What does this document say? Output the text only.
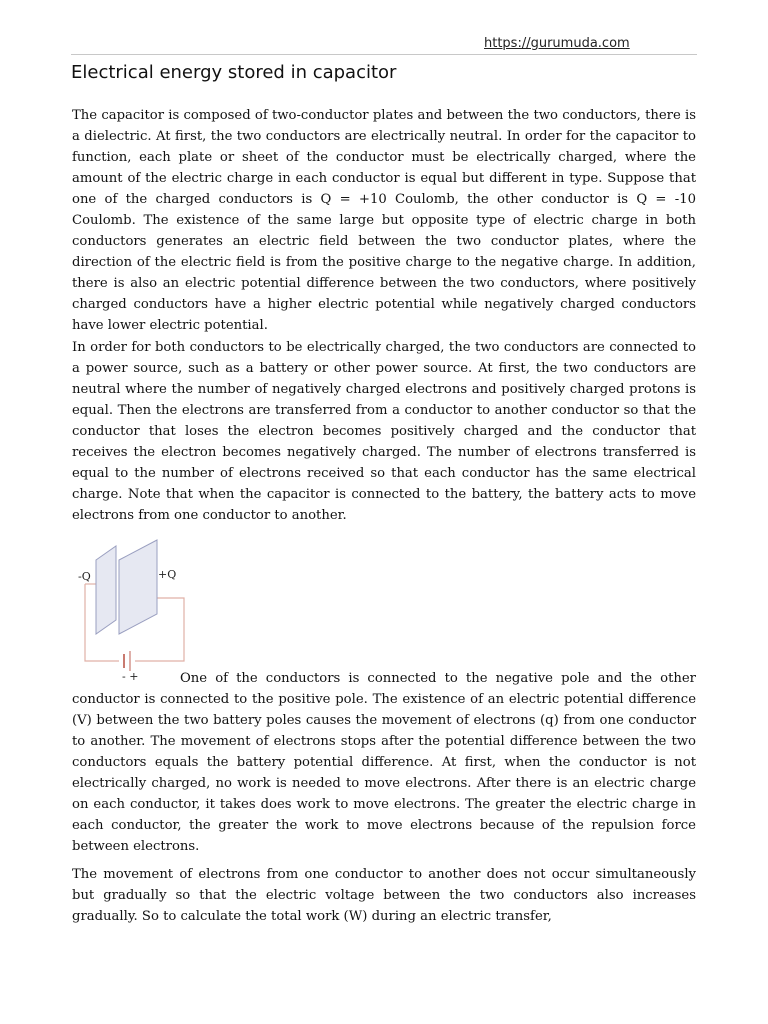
https://gurumuda.com
Electrical energy stored in capacitor

The capacitor is composed of two-conductor plates and between the two conductors, there is a dielectric. At first, the two conductors are electrically neutral. In order for the capacitor to function, each plate or sheet of the conductor must be electrically charged, where the amount of the electric charge in each conductor is equal but different in type. Suppose that one of the charged conductors is Q = +10 Coulomb, the other conductor is Q = -10 Coulomb. The existence of the same large but opposite type of electric charge in both conductors generates an electric field between the two conductor plates, where the direction of the electric field is from the positive charge to the negative charge. In addition, there is also an electric potential difference between the two conductors, where positively charged conductors have a higher electric potential while negatively charged conductors have lower electric potential.

In order for both conductors to be electrically charged, the two conductors are connected to a power source, such as a battery or other power source. At first, the two conductors are neutral where the number of negatively charged electrons and positively charged protons is equal. Then the electrons are transferred from a conductor to another conductor so that the conductor that loses the electron becomes positively charged and the conductor that receives the electron becomes negatively charged. The number of electrons transferred is equal to the number of electrons received so that each conductor has the same electrical charge. Note that when the capacitor is connected to the battery, the battery acts to move electrons from one conductor to another.

-Q	+Q
- +	One of the conductors is connected to the negative pole and the other conductor is connected to the positive pole. The existence of an electric potential difference (V) between the two battery poles causes the movement of electrons (q) from one conductor to another. The movement of electrons stops after the potential difference between the two conductors equals the battery potential difference. At first, when the conductor is not electrically charged, no work is needed to move electrons. After there is an electric charge on each conductor, it takes does work to move electrons. The greater the electric charge in each conductor, the greater the work to move electrons because of the repulsion force between electrons.

The movement of electrons from one conductor to another does not occur simultaneously but gradually so that the electric voltage between the two conductors also increases gradually. So to calculate the total work (W) during an electric transfer,
